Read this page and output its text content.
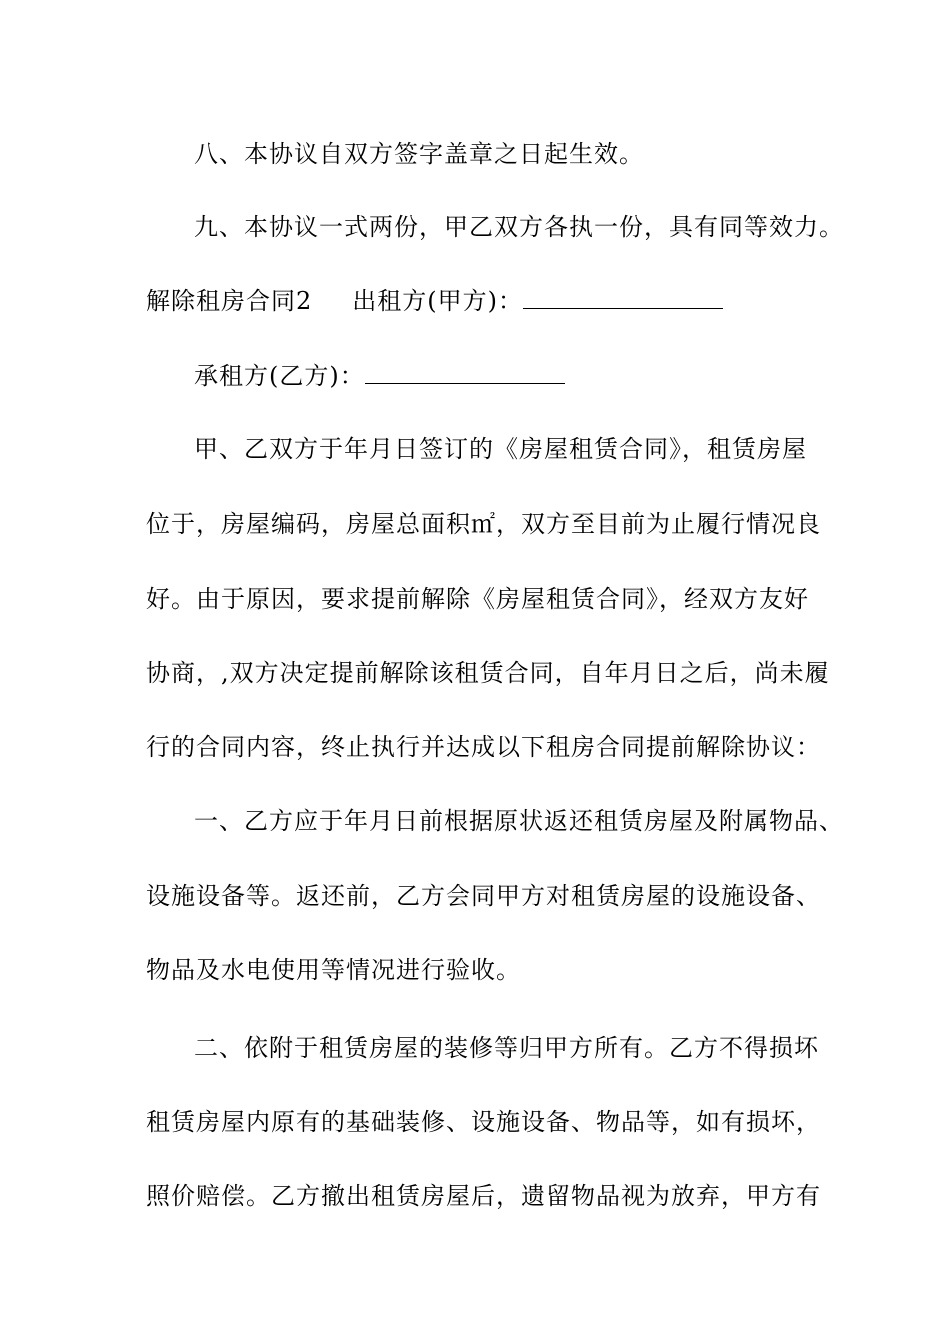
八、本协议自双方签字盖章之日起生效。
九、本协议一式两份，甲乙双方各执一份，具有同等效力。
解除租房合同2 出租方(甲方)：
承租方(乙方)：
甲、乙双方于年月日签订的《房屋租赁合同》，租赁房屋
位于，房屋编码，房屋总面积㎡，双方至目前为止履行情况良
好。由于原因，要求提前解除《房屋租赁合同》，经双方友好
协商，,双方决定提前解除该租赁合同，自年月日之后，尚未履
行的合同内容，终止执行并达成以下租房合同提前解除协议：
一、乙方应于年月日前根据原状返还租赁房屋及附属物品、
设施设备等。返还前，乙方会同甲方对租赁房屋的设施设备、
物品及水电使用等情况进行验收。
二、依附于租赁房屋的装修等归甲方所有。乙方不得损坏
租赁房屋内原有的基础装修、设施设备、物品等，如有损坏，
照价赔偿。乙方撤出租赁房屋后，遗留物品视为放弃，甲方有
